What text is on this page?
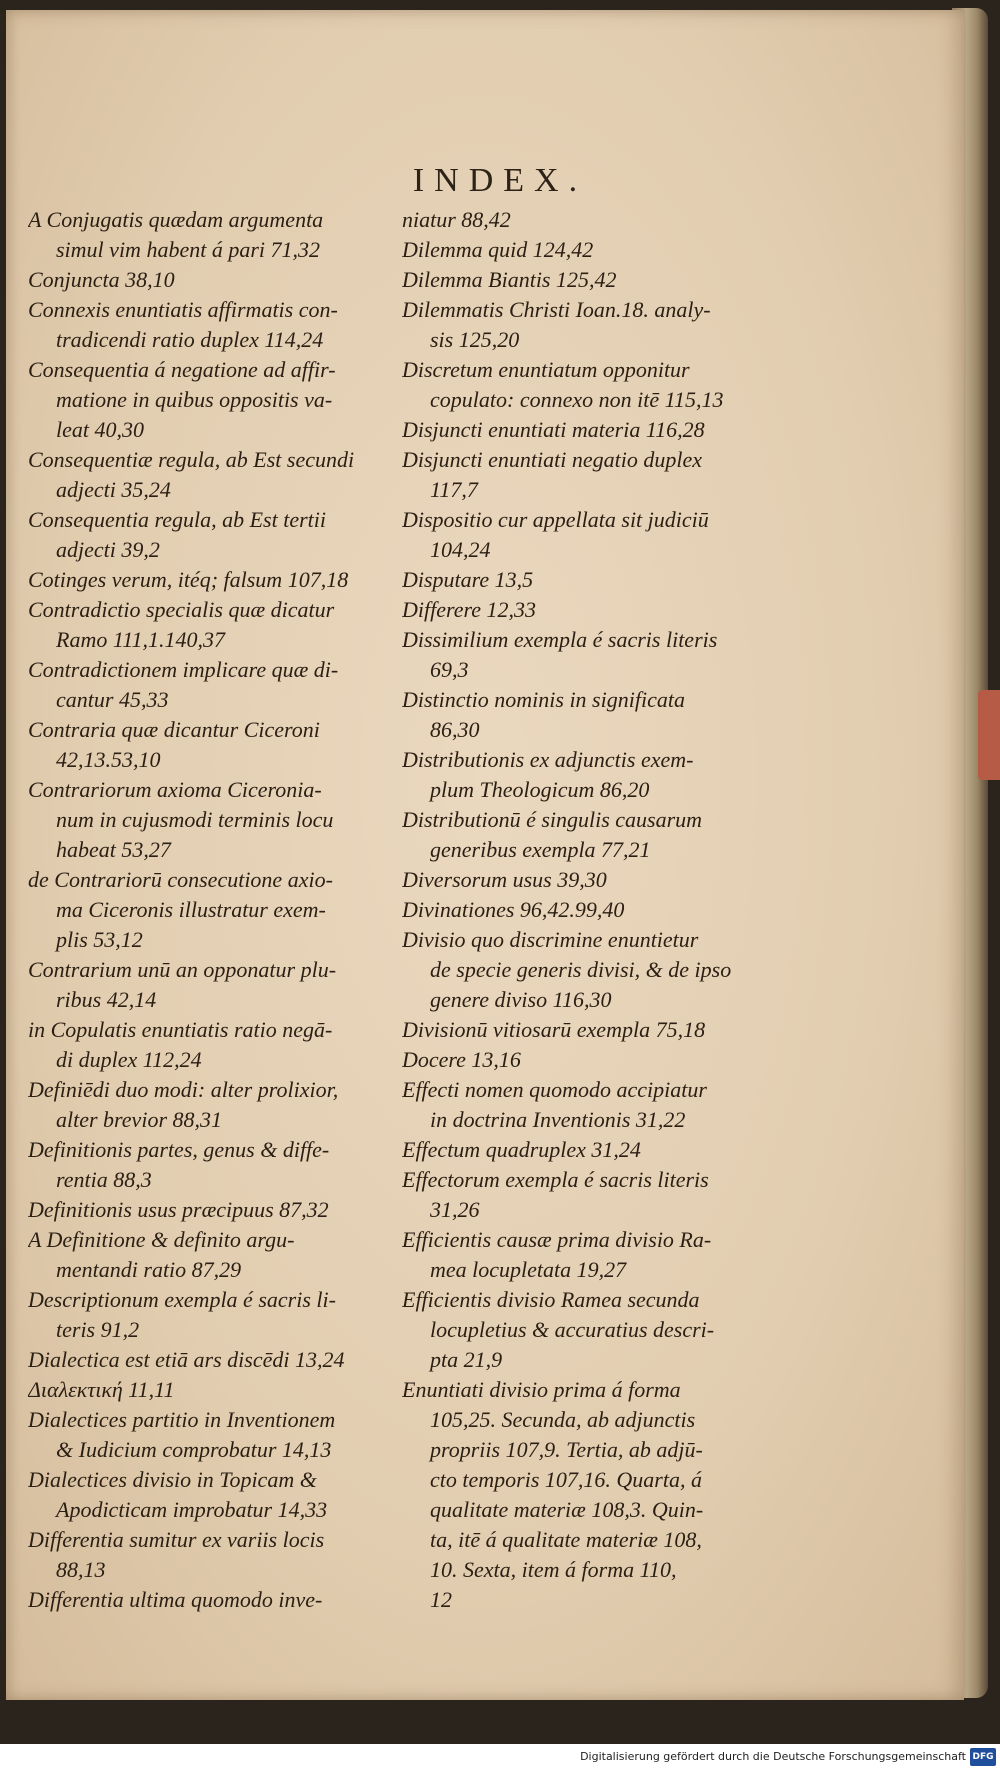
INDEX.
A Conjugatis quædam argumenta
simul vim habent á pari 71,32
Conjuncta 38,10
Connexis enuntiatis affirmatis con-
tradicendi ratio duplex 114,24
Consequentia á negatione ad affir-
matione in quibus oppositis va-
leat 40,30
Consequentiæ regula, ab Est secundi
adjecti 35,24
Consequentia regula, ab Est tertii
adjecti 39,2
Cotinges verum, itéq; falsum 107,18
Contradictio specialis quæ dicatur
Ramo 111,1.140,37
Contradictionem implicare quæ di-
cantur 45,33
Contraria quæ dicantur Ciceroni
42,13.53,10
Contrariorum axioma Ciceronia-
num in cujusmodi terminis locu
habeat 53,27
de Contrariorū consecutione axio-
ma Ciceronis illustratur exem-
plis 53,12
Contrarium unū an opponatur plu-
ribus 42,14
in Copulatis enuntiatis ratio negā-
di duplex 112,24
Definiēdi duo modi: alter prolixior,
alter brevior 88,31
Definitionis partes, genus & diffe-
rentia 88,3
Definitionis usus præcipuus 87,32
A Definitione & definito argu-
mentandi ratio 87,29
Descriptionum exempla é sacris li-
teris 91,2
Dialectica est etiā ars discēdi 13,24
Διαλεκτική 11,11
Dialectices partitio in Inventionem
& Iudicium comprobatur 14,13
Dialectices divisio in Topicam &
Apodicticam improbatur 14,33
Differentia sumitur ex variis locis
88,13
Differentia ultima quomodo inve-
niatur 88,42
Dilemma quid 124,42
Dilemma Biantis 125,42
Dilemmatis Christi Ioan.18. analy-
sis 125,20
Discretum enuntiatum opponitur
copulato: connexo non itē 115,13
Disjuncti enuntiati materia 116,28
Disjuncti enuntiati negatio duplex
117,7
Dispositio cur appellata sit judiciū
104,24
Disputare 13,5
Differere 12,33
Dissimilium exempla é sacris literis
69,3
Distinctio nominis in significata
86,30
Distributionis ex adjunctis exem-
plum Theologicum 86,20
Distributionū é singulis causarum
generibus exempla 77,21
Diversorum usus 39,30
Divinationes 96,42.99,40
Divisio quo discrimine enuntietur
de specie generis divisi, & de ipso
genere diviso 116,30
Divisionū vitiosarū exempla 75,18
Docere 13,16
Effecti nomen quomodo accipiatur
in doctrina Inventionis 31,22
Effectum quadruplex 31,24
Effectorum exempla é sacris literis
31,26
Efficientis causæ prima divisio Ra-
mea locupletata 19,27
Efficientis divisio Ramea secunda
locupletius & accuratius descri-
pta 21,9
Enuntiati divisio prima á forma
105,25. Secunda, ab adjunctis
propriis 107,9. Tertia, ab adjū-
cto temporis 107,16. Quarta, á
qualitate materiæ 108,3. Quin-
ta, itē á qualitate materiæ 108,
10. Sexta, item á forma 110,
12
Digitalisierung gefördert durch die Deutsche Forschungsgemeinschaft DFG
